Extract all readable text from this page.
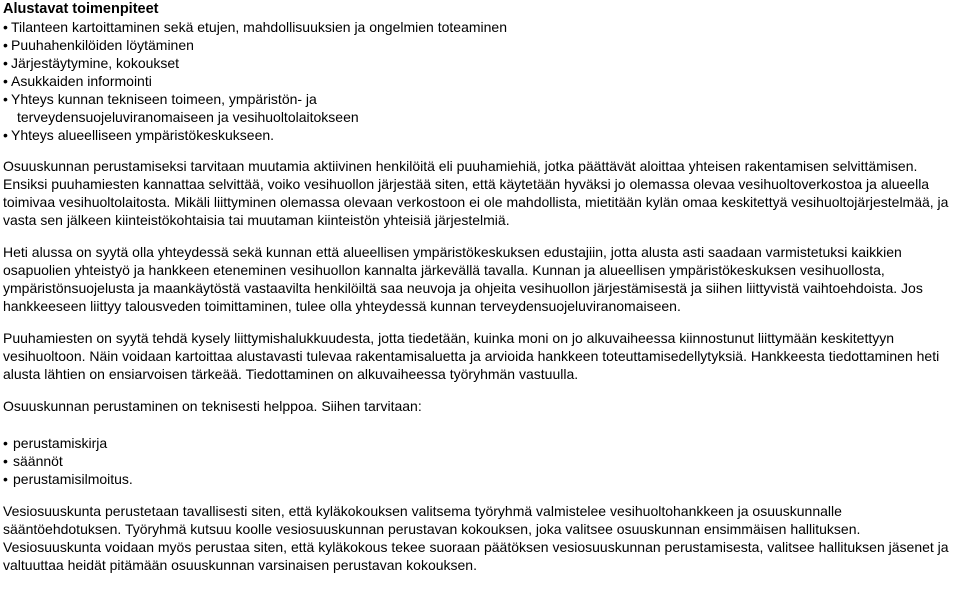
Alustavat toimenpiteet
• Tilanteen kartoittaminen sekä etujen, mahdollisuuksien ja ongelmien toteaminen
• Puuhahenkilöiden löytäminen
• Järjestäytymine, kokoukset
• Asukkaiden informointi
• Yhteys kunnan tekniseen toimeen, ympäristön- ja
terveydensuojeluviranomaiseen ja vesihuoltolaitokseen
• Yhteys alueelliseen ympäristökeskukseen.

Osuuskunnan perustamiseksi tarvitaan muutamia aktiivinen henkilöitä eli puuhamiehiä, jotka päättävät aloittaa yhteisen rakentamisen selvittämisen. Ensiksi puuhamiesten kannattaa selvittää, voiko vesihuollon järjestää siten, että käytetään hyväksi jo olemassa olevaa vesihuoltoverkostoa ja alueella toimivaa vesihuoltolaitosta. Mikäli liittyminen olemassa olevaan verkostoon ei ole mahdollista, mietitään kylän omaa keskitettyä vesihuoltojärjestelmää, ja vasta sen jälkeen kiinteistökohtaisia tai muutaman kiinteistön yhteisiä järjestelmiä.

Heti alussa on syytä olla yhteydessä sekä kunnan että alueellisen ympäristökeskuksen edustajiin, jotta alusta asti saadaan varmistetuksi kaikkien osapuolien yhteistyö ja hankkeen eteneminen vesihuollon kannalta järkevällä tavalla. Kunnan ja alueellisen ympäristökeskuksen vesihuollosta, ympäristönsuojelusta ja maankäytöstä vastaavilta henkilöiltä saa neuvoja ja ohjeita vesihuollon järjestämisestä ja siihen liittyvistä vaihtoehdoista. Jos hankkeeseen liittyy talousveden toimittaminen, tulee olla yhteydessä kunnan terveydensuojeluviranomaiseen.

Puuhamiesten on syytä tehdä kysely liittymishalukkuudesta, jotta tiedetään, kuinka moni on jo alkuvaiheessa kiinnostunut liittymään keskitettyyn vesihuoltoon. Näin voidaan kartoittaa alustavasti tulevaa rakentamisaluetta ja arvioida hankkeen toteuttamisedellytyksiä. Hankkeesta tiedottaminen heti alusta lähtien on ensiarvoisen tärkeää. Tiedottaminen on alkuvaiheessa työryhmän vastuulla.

Osuuskunnan perustaminen on teknisesti helppoa. Siihen tarvitaan:

• perustamiskirja
• säännöt
• perustamisilmoitus.

Vesiosuuskunta perustetaan tavallisesti siten, että kyläkokouksen valitsema työryhmä valmistelee vesihuoltohankkeen ja osuuskunnalle sääntöehdotuksen. Työryhmä kutsuu koolle vesiosuuskunnan perustavan kokouksen, joka valitsee osuuskunnan ensimmäisen hallituksen. Vesiosuuskunta voidaan myös perustaa siten, että kyläkokous tekee suoraan päätöksen vesiosuuskunnan perustamisesta, valitsee hallituksen jäsenet ja valtuuttaa heidät pitämään osuuskunnan varsinaisen perustavan kokouksen.
